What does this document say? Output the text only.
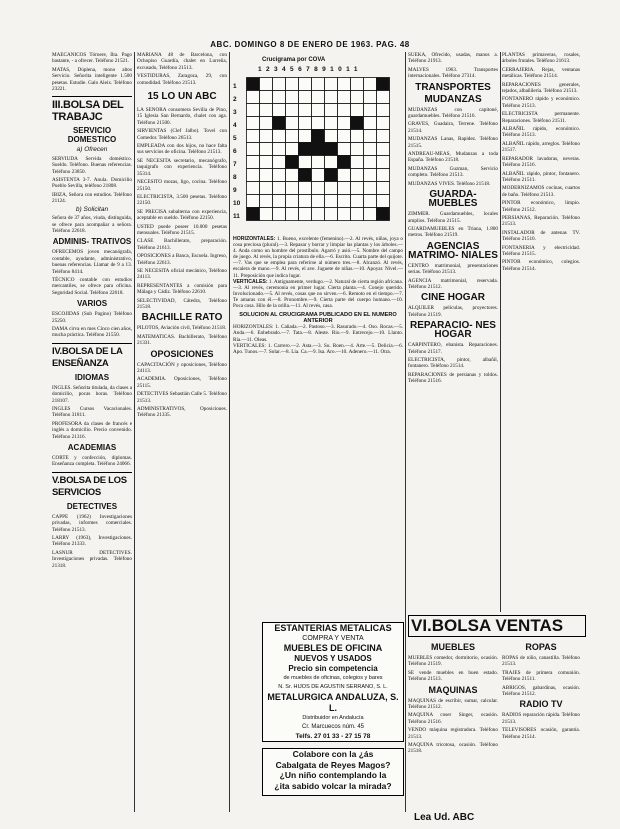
ABC. DOMINGO 8 DE ENERO DE 1963. PAG. 48

MAECANICOS Tórnere, Ilta. Pago bastante, - a ofrecer. Teléfono 21521.

MATAS, Dúplena, mono altos Servicio. Señorita inteligente 1.500 pesetas. Estudie. Galo Aleix. Teléfono 23221.

III.BOLSA DEL TRABAJC
SERVICIO DOMESTICO
a) Ofrecen

SERVIUDA Servida doméstico. Sueldo. Teléfono. Buenas referencias. Teléfono 23850.

ASISTENTA 3-7. Anula. Domicilio Pueblo Sevilla, teléfono 21808.

IBIZA, Señora con estudios. Teléfono 21124.

b) Solicitan

Señora de 37 años, viuda, distinguida, se ofrece para acompañar a señora. Teléfono 22618.

ADMINIS- TRATIVOS

OFRECEMOS joven mecanógrafa, contable, ayudante, administrativo, buenas referencias. Llamar de 9 a 13. Teléfono 8414.

TÉCNICO contable con estudios mercantiles, se ofrece para oficina. Seguridad Social. Teléfono 22618.

VARIOS

ESCOJIDAS (Sub Pagino) Teléfono 25250.

DAMA cirva en mes Cinco cien años, mucha práctica. Teléfono 21550.

IV.BOLSA DE LA ENSEÑANZA
IDIOMAS

INGLES. Señorita titulada, da clases a domicilio, pocas horas. Teléfono 218107.

INGLES Cursos Vacacionales. Teléfono 31811.

PROFESORA da clases de francés e inglés a domicilio. Precio convenido. Teléfono 21316.

ACADEMIAS

CORTE y confección, diplomas. Enseñanza completa. Teléfono 24066.

V.BOLSA DE LOS SERVICIOS
DETECTIVES

CAPPE (1962) Investigaciones privadas, informes comerciales. Teléfono 21513.

LARRY (1963), Investigaciones. Teléfono 21333.

LASNUR DETECTIVES. Investigaciones privadas. Teléfono 21318.

MARIANA 48 de Barcelona, con Ochopiso Guardía, chalet en Lurreña, excusado, Teléfono 21513.

VESTIDURAS, Zaragoza, 29, con comodidad. Teléfono 21513.

15 LO UN ABC

LA SENORA consomera Sevilla de Pino, 15 Iglesia San Bernardo, chalet con aga. Teléfono 21500.

SIRVIENTAS (Clef Jalbo). Tovel con Comedor. Teléfono 26513.

EMPLEADA con dos hijos, no hace falta sus servicios de oficina. Teléfono 21513.

SE NECESITA secretario, mecanógrafo, taquígrafo con experiencia. Teléfono 35314.

NECESITO mozas, ligo, cocina. Teléfono 25150.

ELECTRICISTA, 3.500 pesetas. Teléfono 22150.

SE PRECISA subalterna con experiencia, aceptable en sueldo. Teléfono 22150.

USTED puede poseer 10.000 pesetas mensuales. Teléfono 21515.

CLASE Bachillerato, preparación. Teléfono 21613.

OPOSICIONES a Banca, Escuela. Ingreso, Teléfono 22613.

SE NECESITA oficial mecánico, Teléfono 24113.

REPRESENTANTES a comisión para Málaga y Cádiz. Teléfono 22610.

SELECTIVIDAD, Cátedra, Teléfono 21518.

BACHILLE RATO

PILOTOS, Aviación civil, Teléfono 21518.

MATEMATICAS. Bachillerato, Teléfono 21331.

OPOSICIONES

CAPACITACIÓN y oposiciones, Teléfono 24113.

ACADEMIA. Oposiciones, Teléfono 25115.

DETECTIVES Sebastián Calle 5. Teléfono 21513.

ADMINISTRATIVOS, Oposiciones. Teléfono 21335.

Crucigrama por COVA
1234567891011
1
2
3
4
5
6
7
8
9
10
11
HORIZONTALES: 1. Bueno, excelente (femenino).—2. Al revés, niñas, joya o cosa preciosa (plural).—3. Repasar y borrar y limpiar las plantas y los árboles.—4. Anda como un hombre del prostíbulo. Agarró y asió.—5. Nombre del campo de juego. Al revés, la propia criatura de ella.—6. Escrito. Cuarta parte del quijote.—7. Vas que se emplea para referirse al número tres.—8. Alcanzó. Al revés, escalera de mano.—9. Al revés, el ave. Juguete de niñas.—10. Apoyar. Nivel.—11. Preposición que indica lugar.
VERTICALES: 1. Antiguamente, verdugo.—2. Natural de cierta región africana.—3. Al revés, ceremonia en primer lugar. Cierta planta.—4. Conejo querido. Involucionado.—5. Al revés, cosas que no sirven.—6. Remoto en el tiempo.—7. Te amaras con él.—8. Pronombre.—9. Cierta parte del cuerpo humano.—10. Poca cosa. Hilo de la orilla.—11. Al revés, casa.
SOLUCION AL CRUCIGRAMA PUBLICADO EN EL NUMERO ANTERIOR
HORIZONTALES: 1. Cañada.—2. Pastoso.—3. Rasurado.—4. Oso. Rocas.—5. Anda.—6. Enhebrado.—7. Tata.—8. Aleste. Rio.—9. Entrecejo.—10. Llanto. Ría.—11. Oleas.
VERTICALES: 1. Carrero.—2. Asta.—3. Su. Roen.—4. Arte.—5. Delicia.—6. Apo. Tunos.—7. Solar.—8. Lia. Ca.—9. Isa. Aro.—10. Adenero.—11. Otra.
ESTANTERIAS METALICAS
COMPRA Y VENTA
MUEBLES DE OFICINA
NUEVOS Y USADOS
Precio sin competencia
de muebles de oficinas, colegios y bares
N. Sr. HIJOS DE AGUSTIN SERRANO, S. L.
METALURGICA ANDALUZA, S. L.
Distribuidor en Andalucía
Cr. Marcuecos núm. 45
Telfs. 27 01 33 - 27 15 78
Colabore con la ¿ás
Cabalgata de Reyes Magos?
¿Un niño contemplando la
¿ita sabido volcar la mirada?

SUEKA, Ofrecido, usadas, manos a. Teléfono 21913.

MALVES 1963. Transportes internacionales. Teléfono 27314.

TRANSPORTES
MUDANZAS

MUDANZAS con capitoné, guardamuebles. Teléfono 21516.

GRAVES, Guadaira, Terrene. Teléfono 21514.

MUDANZAS Lanas, Rapidez. Teléfono 21515.

ANDREAU-MEAS, Mudanzas a toda España. Teléfono 21518.

MUDANZAS Guzman, Servicio completo. Teléfono 21513.

MUDANZAS VIVES. Teléfono 21518.

GUARDA- MUEBLES

ZIMMER. Guardamuebles, locales amplios. Teléfono 21515.

GUARDAMUEBLES en Triana, 1.800 metros. Teléfono 21519.

AGENCIAS MATRIMO- NIALES

CENTRO matrimonial, presentaciones serias. Teléfono 21513.

AGENCIA matrimonial, reservada. Teléfono 21512.

CINE HOGAR

ALQUILER películas, proyectores. Teléfono 21519.

REPARACIO- NES HOGAR

CARPINTERO, ebanista. Reparaciones. Teléfono 21517.

ELECTRICISTA, pintor, albañil, fontanero. Teléfono 21514.

REPARACIONES de persianas y toldos. Teléfono 21516.

PLANTAS primaveras, rosales, árboles frutales. Teléfono 21613.

CERRAJERIA. Rejas, ventanas metálicas. Teléfono 21514.

REPARACIONES generales, tejados, albañilería. Teléfono 21513.

FONTANERO rápido y económico. Teléfono 21513.

ELECTRICISTA permanente. Reparaciones. Teléfono 21511.

ALBAÑIL rápido, económico. Teléfono 21513.

ALBAÑIL rápido, arreglos. Teléfono 21517.

REPARADOR lavadoras, neveras. Teléfono 21516.

ALBAÑIL rápido, pintor, fontanero. Teléfono 21511.

MODERNIZAMOS cocinas, cuartos de baño. Teléfono 21513.

PINTOR económico, limpio. Teléfono 21512.

PERSIANAS, Reparación. Teléfono 21513.

INSTALADOR de antenas TV. Teléfono 21510.

FONTANERIA y electricidad. Teléfono 21515.

PINTOR económico, colegios. Teléfono 21514.

VI.BOLSA VENTAS
MUEBLES

MUEBLES comedor, dormitorio, ocasión. Teléfono 21519.

SE vende muebles en buen estado. Teléfono 21513.

MAQUINAS

MAQUINAS de escribir, sumar, calcular. Teléfono 21512.

MAQUINA coser Singer, ocasión. Teléfono 21516.

VENDO máquina registradora. Teléfono 21513.

MAQUINA tricotosa, ocasión. Teléfono 21518.

ROPAS

ROPAS de niño, canastilla. Teléfono 21513.

TRAJES de primera comunión. Teléfono 21511.

ABRIGOS, gabardinas, ocasión. Teléfono 21512.

RADIO TV

RADIOS reparación rápida. Teléfono 21513.

TELEVISORES ocasión, garantía. Teléfono 21514.

Lea Ud. ABC
